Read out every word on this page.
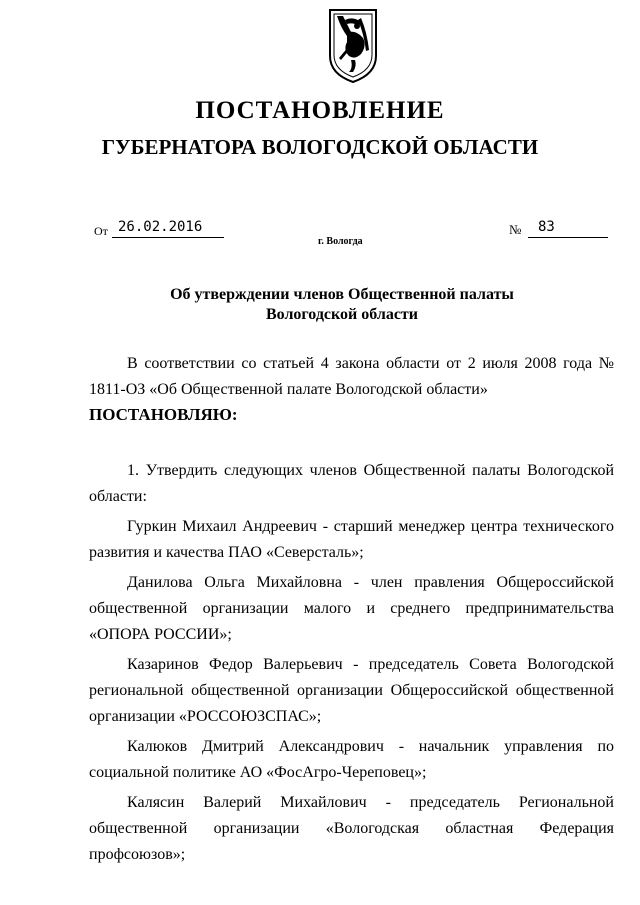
ПОСТАНОВЛЕНИЕ
ГУБЕРНАТОРА ВОЛОГОДСКОЙ ОБЛАСТИ
От 26.02.2016
г. Вологда
№	83
Об утверждении членов Общественной палаты
Вологодской области

В соответствии со статьей 4 закона области от 2 июля 2008 года № 1811-ОЗ «Об Общественной палате Вологодской области»

ПОСТАНОВЛЯЮ:

1. Утвердить следующих членов Общественной палаты Вологодской области:

Гуркин Михаил Андреевич - старший менеджер центра технического развития и качества ПАО «Северсталь»;

Данилова Ольга Михайловна - член правления Общероссийской общественной организации малого и среднего предпринимательства «ОПОРА РОССИИ»;

Казаринов Федор Валерьевич - председатель Совета Вологодской региональной общественной организации Общероссийской общественной организации «РОССОЮЗСПАС»;

Калюков Дмитрий Александрович - начальник управления по социальной политике АО «ФосАгро-Череповец»;

Калясин Валерий Михайлович - председатель Региональной общественной организации «Вологодская областная Федерация профсоюзов»;
